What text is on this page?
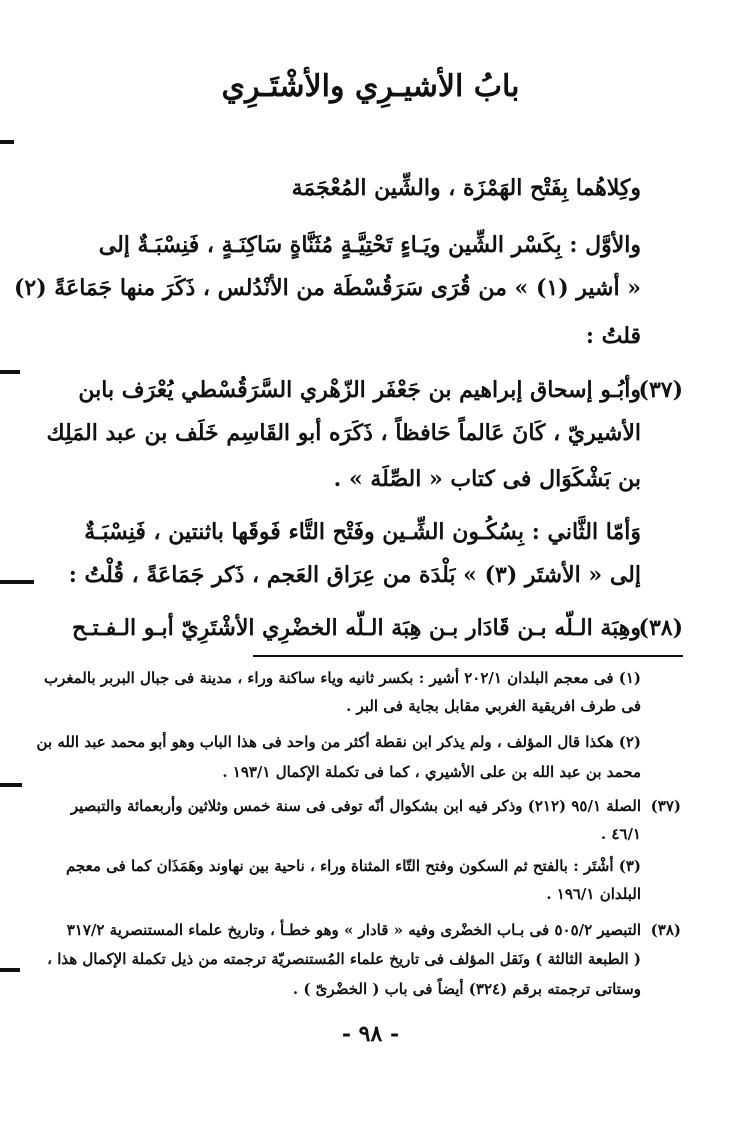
بابُ الأشيـرِي والأشْتَـرِي
وكِلاهُما بِفَتْح الهَمْزَة ، والشِّين المُعْجَمَة
والأوَّل : بِكَسْر الشِّين ويَـاءٍ تَحْتِيَّـةٍ مُثَنَّاةٍ سَاكِنَـةٍ ، فَنِسْبَـةٌ إلى
« أشير (١) » من قُرَى سَرَقُسْطَة من الأنْدُلس ، ذَكَرَ منها جَمَاعَةً (٢)
قلتُ :
(٣٧)
وأبُـو إسحاق إبراهيم بن جَعْفَر الزّهْري السَّرَقُسْطي يُعْرَف بابن
الأشيريّ ، كَانَ عَالماً حَافظاً ، ذَكَرَه أبو القَاسِم خَلَف بن عبد المَلِك
بن بَشْكَوَال فى كتاب « الصِّلَة » .
وَأمّا الثَّاني : بِسُكُـون الشِّـين وفَتْح التَّاء فَوقَها باثنتين ، فَنِسْبَـةٌ
إلى « الأشتَر (٣) » بَلْدَة من عِرَاق العَجم ، ذَكر جَمَاعَةً ، قُلْتُ :
(٣٨)
وهِبَة الـلّه بـن قَادَار بـن هِبَة الـلّه الخضْرِي الأشْتَرِيّ أبـو الـفـتـح
(١) فى معجم البلدان ٢٠٢/١ أشير : بكسر ثانيه وياء ساكنة وراء ، مدينة فى جبال البربر بالمغرب
فى طرف افريقية الغربي مقابل بجاية فى البر .
(٢) هكذا قال المؤلف ، ولم يذكر ابن نقطة أكثر من واحد فى هذا الباب وهو أبو محمد عبد الله بن
محمد بن عبد الله بن على الأشيري ، كما فى تكملة الإكمال ١٩٣/١ .
(٣٧)
الصلة ٩٥/١ (٢١٢) وذكر فيه ابن بشكوال أنّه توفى فى سنة خمس وثلاثين وأربعمائة والتبصير
٤٦/١ .
(٣) أشْتَر : بالفتح ثم السكون وفتح التّاء المثناة وراء ، ناحية بين نهاوند وهَمَذَان كما فى معجم
البلدان ١٩٦/١ .
(٣٨)
التبصير ٥٠٥/٢ فى بـاب الخضْرى وفيه « قادار » وهو خطـأ ، وتاريخ علماء المستنصرية ٣١٧/٢
( الطبعة الثالثة ) ونَقل المؤلف فى تاريخ علماء المُستنصريّة ترجمته من ذيل تكملة الإكمال هذا ،
وستاتى ترجمته برقم (٣٢٤) أيضاً فى باب ( الخضْرىّ ) .
- ٩٨ -
